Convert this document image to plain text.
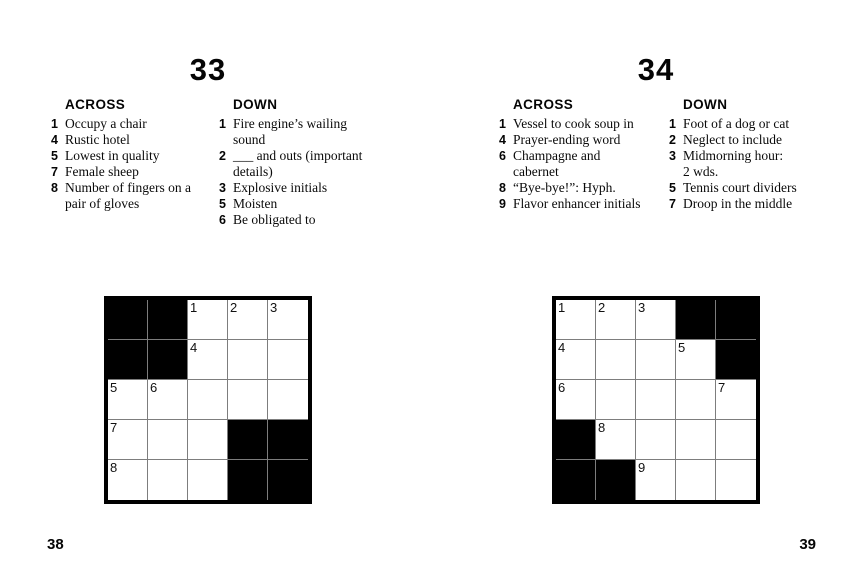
33	34
ACROSS
1 Occupy a chair
4 Rustic hotel
5 Lowest in quality
7 Female sheep
8 Number of fingers on a
pair of gloves
DOWN
1 Fire engine’s wailing
sound
2 ___ and outs (important
details)
3 Explosive initials
5 Moisten
6 Be obligated to
ACROSS
1 Vessel to cook soup in
4 Prayer-ending word
6 Champagne and
cabernet
8 “Bye-bye!”: Hyph.
9 Flavor enhancer initials
DOWN
1 Foot of a dog or cat
2 Neglect to include
3 Midmorning hour:
2 wds.
5 Tennis court dividers
7 Droop in the middle
1	2	3
4
5	6
7
8
1	2	3
4	5
6	7
8
9
38	39
